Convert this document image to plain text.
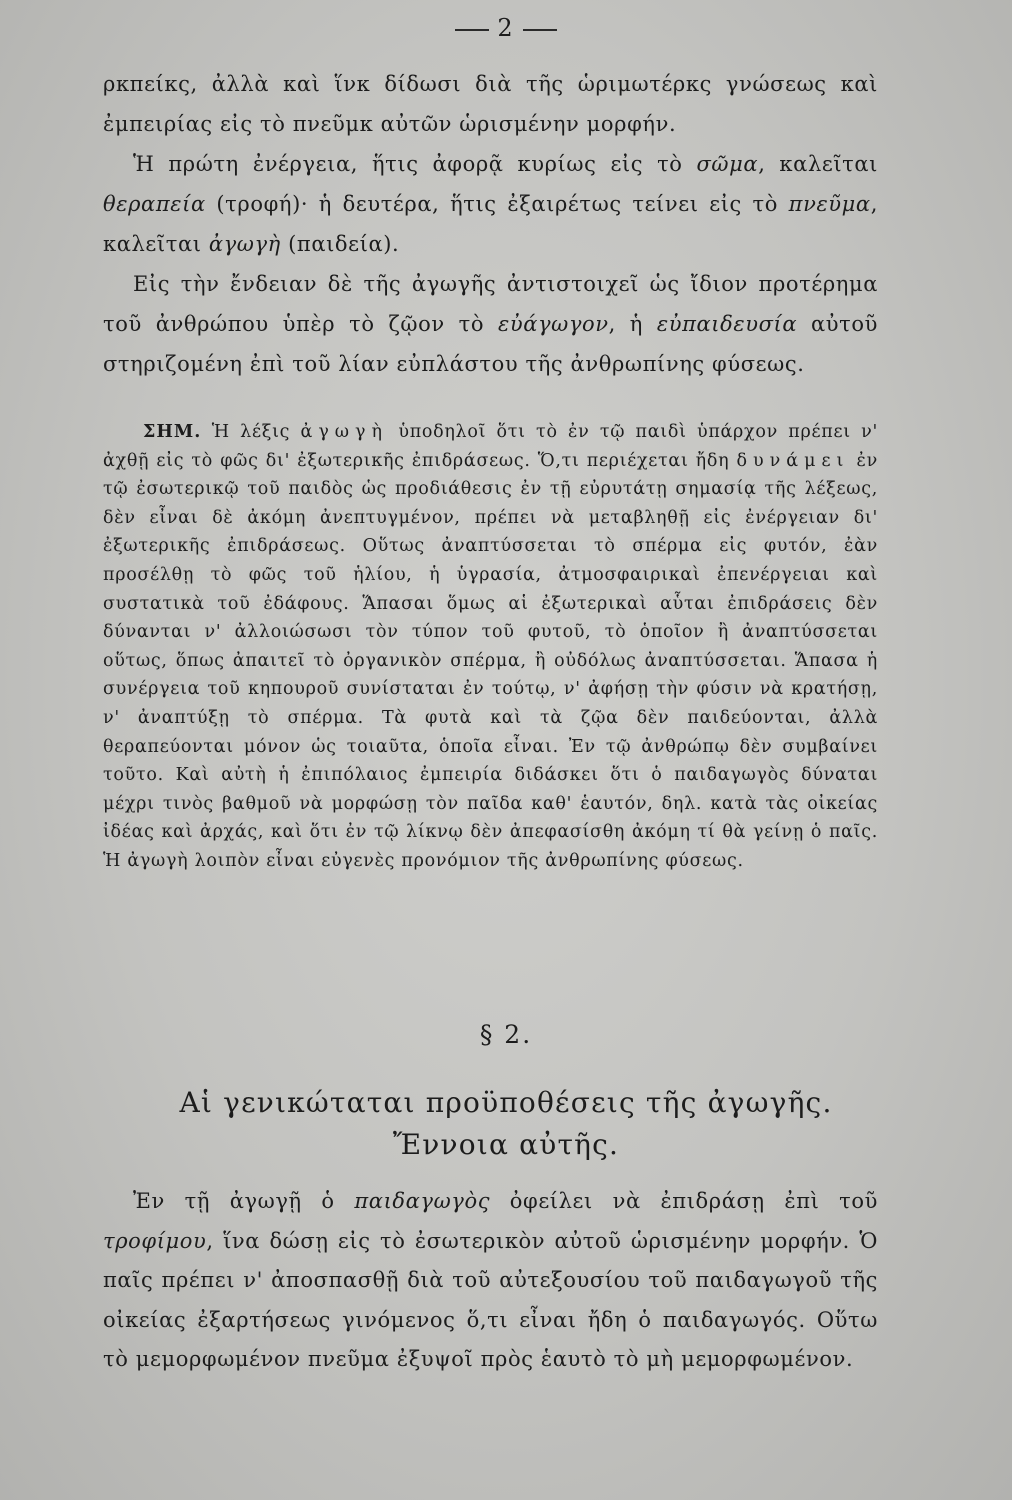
2

ρκπείκς, ἀλλὰ καὶ ἵνκ δίδωσι διὰ τῆς ὡριμωτέρκς γνώσεως καὶ ἐμπειρίας εἰς τὸ πνεῦμκ αὐτῶν ὡρισμένην μορφήν.

Ἡ πρώτη ἐνέργεια, ἥτις ἀφορᾷ κυρίως εἰς τὸ σῶμα, καλεῖται θεραπεία (τροφή)· ἡ δευτέρα, ἥτις ἐξαιρέτως τείνει εἰς τὸ πνεῦμα, καλεῖται ἀγωγὴ (παιδεία).

Εἰς τὴν ἔνδειαν δὲ τῆς ἀγωγῆς ἀντιστοιχεῖ ὡς ἴδιον προτέρημα τοῦ ἀνθρώπου ὑπὲρ τὸ ζῷον τὸ εὐάγωγον, ἡ εὐπαιδευσία αὐτοῦ στηριζομένη ἐπὶ τοῦ λίαν εὐπλάστου τῆς ἀνθρωπίνης φύσεως.

ΣΗΜ. Ἡ λέξις ἀγωγὴ ὑποδηλοῖ ὅτι τὸ ἐν τῷ παιδὶ ὑπάρχον πρέπει ν' ἀχθῇ εἰς τὸ φῶς δι' ἐξωτερικῆς ἐπιδράσεως. Ὅ,τι περιέχεται ἤδη δυνάμει ἐν τῷ ἐσωτερικῷ τοῦ παιδὸς ὡς προδιάθεσις ἐν τῇ εὐρυτάτῃ σημασίᾳ τῆς λέξεως, δὲν εἶναι δὲ ἀκόμη ἀνεπτυγμένον, πρέπει νὰ μεταβληθῇ εἰς ἐνέργειαν δι' ἐξωτερικῆς ἐπιδράσεως. Οὕτως ἀναπτύσσεται τὸ σπέρμα εἰς φυτόν, ἐὰν προσέλθῃ τὸ φῶς τοῦ ἡλίου, ἡ ὑγρασία, ἀτμοσφαιρικαὶ ἐπενέργειαι καὶ συστατικὰ τοῦ ἐδάφους. Ἅπασαι ὅμως αἱ ἐξωτερικαὶ αὗται ἐπιδράσεις δὲν δύνανται ν' ἀλλοιώσωσι τὸν τύπον τοῦ φυτοῦ, τὸ ὁποῖον ἢ ἀναπτύσσεται οὕτως, ὅπως ἀπαιτεῖ τὸ ὀργανικὸν σπέρμα, ἢ οὐδόλως ἀναπτύσσεται. Ἅπασα ἡ συνέργεια τοῦ κηπουροῦ συνίσταται ἐν τούτῳ, ν' ἀφήσῃ τὴν φύσιν νὰ κρατήσῃ, ν' ἀναπτύξῃ τὸ σπέρμα. Τὰ φυτὰ καὶ τὰ ζῷα δὲν παιδεύονται, ἀλλὰ θεραπεύονται μόνον ὡς τοιαῦτα, ὁποῖα εἶναι. Ἐν τῷ ἀνθρώπῳ δὲν συμβαίνει τοῦτο. Καὶ αὐτὴ ἡ ἐπιπόλαιος ἐμπειρία διδάσκει ὅτι ὁ παιδαγωγὸς δύναται μέχρι τινὸς βαθμοῦ νὰ μορφώσῃ τὸν παῖδα καθ' ἑαυτόν, δηλ. κατὰ τὰς οἰκείας ἰδέας καὶ ἀρχάς, καὶ ὅτι ἐν τῷ λίκνῳ δὲν ἀπεφασίσθη ἀκόμη τί θὰ γείνῃ ὁ παῖς. Ἡ ἀγωγὴ λοιπὸν εἶναι εὐγενὲς προνόμιον τῆς ἀνθρωπίνης φύσεως.

§ 2.
Αἱ γενικώταται προϋποθέσεις τῆς ἀγωγῆς.
Ἔννοια αὐτῆς.

Ἐν τῇ ἀγωγῇ ὁ παιδαγωγὸς ὀφείλει νὰ ἐπιδράσῃ ἐπὶ τοῦ τροφίμου, ἵνα δώσῃ εἰς τὸ ἐσωτερικὸν αὐτοῦ ὡρισμένην μορφήν. Ὁ παῖς πρέπει ν' ἀποσπασθῇ διὰ τοῦ αὐτεξουσίου τοῦ παιδαγωγοῦ τῆς οἰκείας ἐξαρτήσεως γινόμενος ὅ,τι εἶναι ἤδη ὁ παιδαγωγός. Οὕτω τὸ μεμορφωμένον πνεῦμα ἐξυψοῖ πρὸς ἑαυτὸ τὸ μὴ μεμορφωμένον.
